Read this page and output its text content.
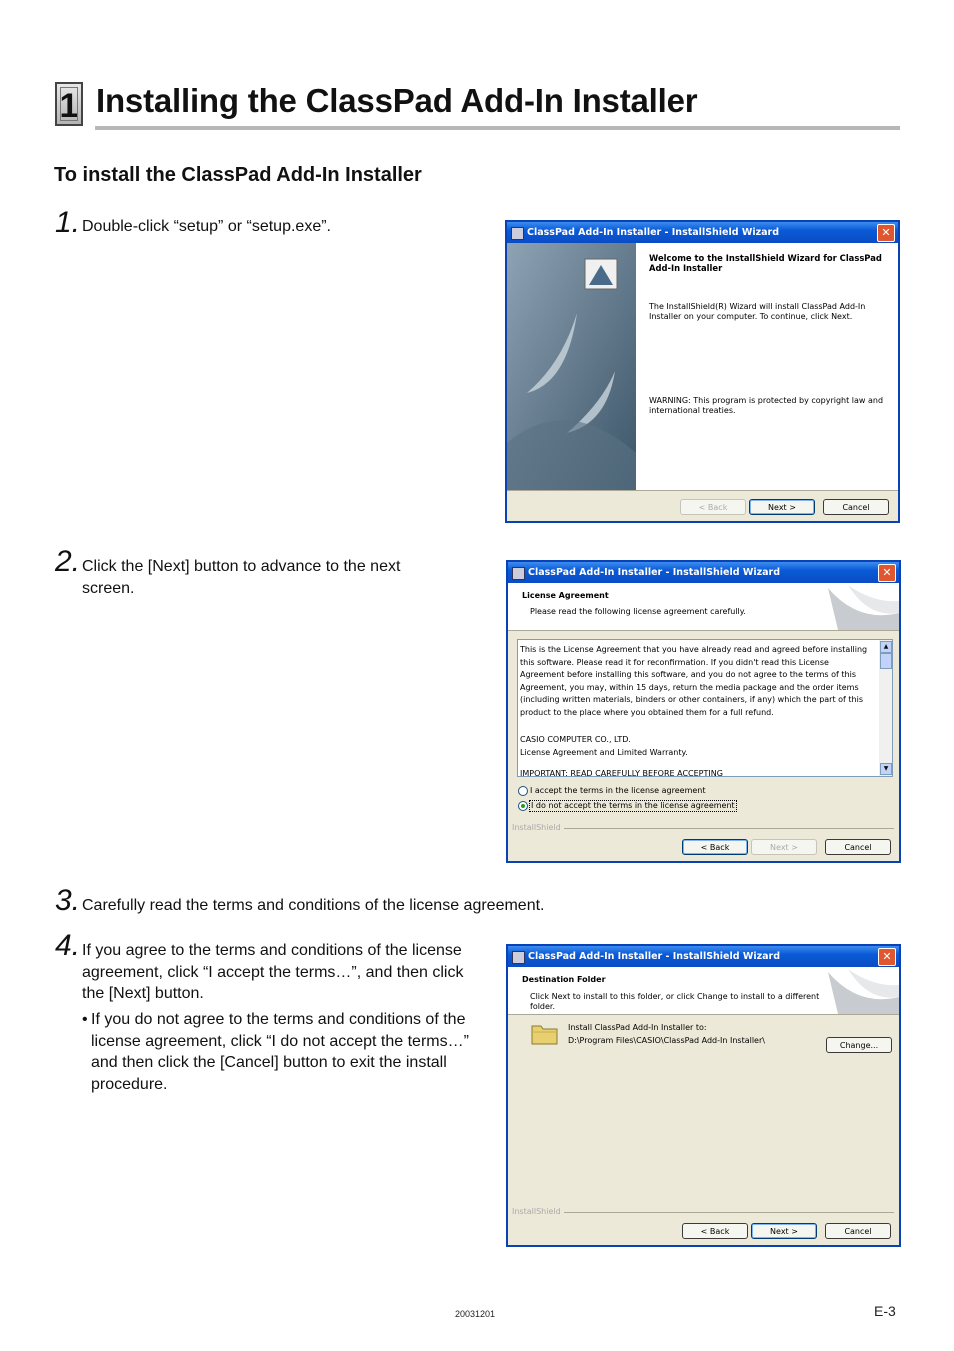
1 Installing the ClassPad Add-In Installer
To install the ClassPad Add-In Installer
1. Double-click “setup” or “setup.exe”.
2. Click the [Next] button to advance to the next screen.
3. Carefully read the terms and conditions of the license agreement.
4. If you agree to the terms and conditions of the license agreement, click “I accept the terms…”, and then click the [Next] button.
• If you do not agree to the terms and conditions of the license agreement, click “I do not accept the terms…” and then click the [Cancel] button to exit the install procedure.
ClassPad Add-In Installer - InstallShield Wizard	✕
Welcome to the InstallShield Wizard for ClassPad Add-In Installer
The InstallShield(R) Wizard will install ClassPad Add-In Installer on your computer. To continue, click Next.
WARNING: This program is protected by copyright law and international treaties.
< Back	Next >	Cancel
ClassPad Add-In Installer - InstallShield Wizard	✕
License Agreement
Please read the following license agreement carefully.
This is the License Agreement that you have already read and agreed before installing this software. Please read it for reconfirmation. If you didn't read this License Agreement before installing this software, and you do not agree to the terms of this Agreement, you may, within 15 days, return the media package and the order items (including written materials, binders or other containers, if any) which the part of this product to the place where you obtained them for a full refund.
CASIO COMPUTER CO., LTD.
License Agreement and Limited Warranty.
IMPORTANT: READ CAREFULLY BEFORE ACCEPTING
▲
▼
I accept the terms in the license agreement
I do not accept the terms in the license agreement
InstallShield
< Back	Next >	Cancel
ClassPad Add-In Installer - InstallShield Wizard	✕
Destination Folder
Click Next to install to this folder, or click Change to install to a different folder.
Install ClassPad Add-In Installer to:
D:\Program Files\CASIO\ClassPad Add-In Installer\
Change...
InstallShield
< Back	Next >	Cancel
20031201	E-3
